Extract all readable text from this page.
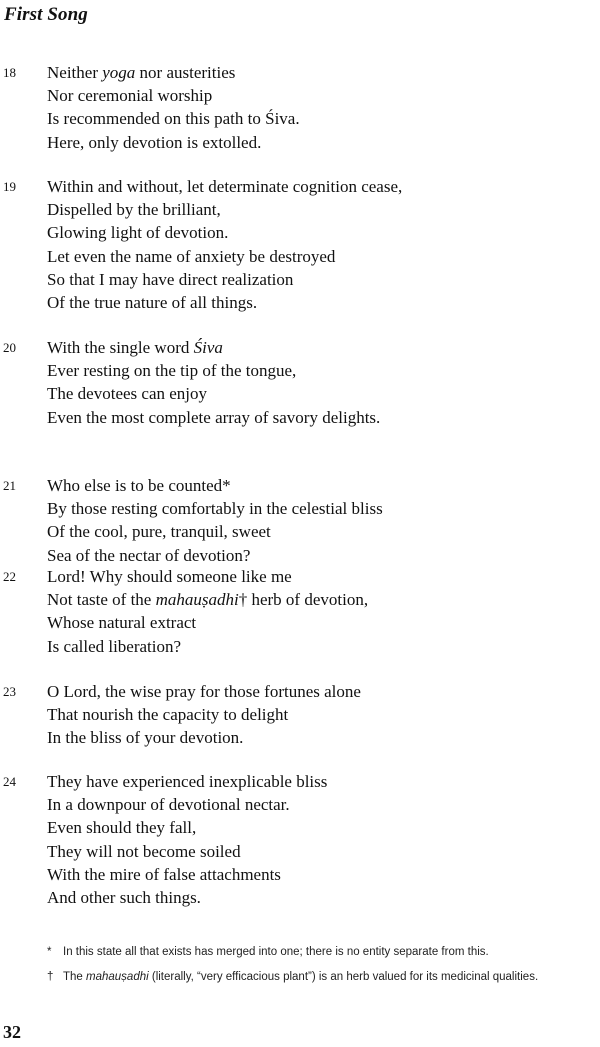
First Song
18 Neither yoga nor austerities
Nor ceremonial worship
Is recommended on this path to Śiva.
Here, only devotion is extolled.
19 Within and without, let determinate cognition cease,
Dispelled by the brilliant,
Glowing light of devotion.
Let even the name of anxiety be destroyed
So that I may have direct realization
Of the true nature of all things.
20 With the single word Śiva
Ever resting on the tip of the tongue,
The devotees can enjoy
Even the most complete array of savory delights.
21 Who else is to be counted*
By those resting comfortably in the celestial bliss
Of the cool, pure, tranquil, sweet
Sea of the nectar of devotion?
22 Lord! Why should someone like me
Not taste of the mahauṣadhi† herb of devotion,
Whose natural extract
Is called liberation?
23 O Lord, the wise pray for those fortunes alone
That nourish the capacity to delight
In the bliss of your devotion.
24 They have experienced inexplicable bliss
In a downpour of devotional nectar.
Even should they fall,
They will not become soiled
With the mire of false attachments
And other such things.
* In this state all that exists has merged into one; there is no entity separate from this.
† The mahauṣadhi (literally, “very efficacious plant”) is an herb valued for its medicinal qualities.
32
